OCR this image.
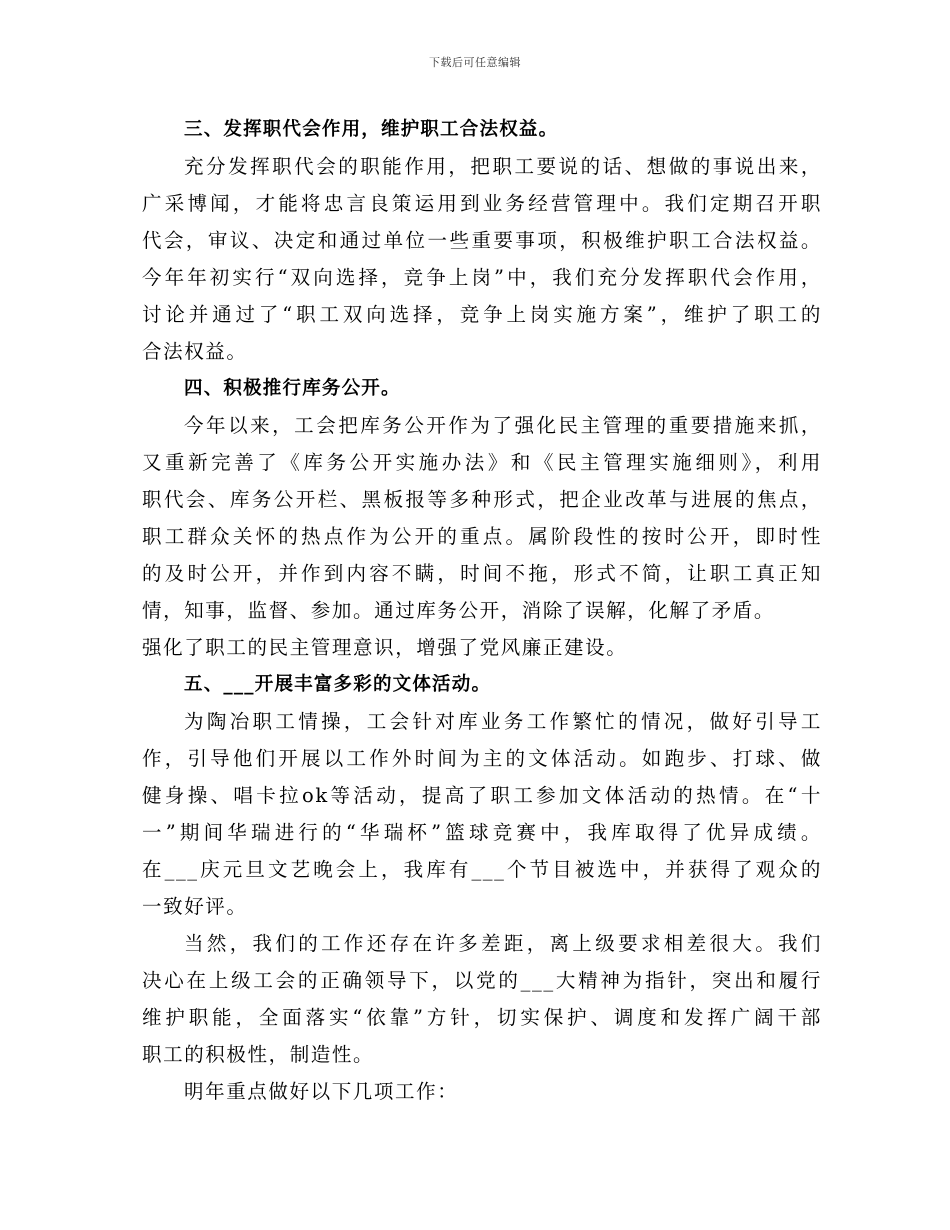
下载后可任意编辑
三、发挥职代会作用，维护职工合法权益。
充分发挥职代会的职能作用，把职工要说的话、想做的事说出来，
广采博闻，才能将忠言良策运用到业务经营管理中。我们定期召开职
代会，审议、决定和通过单位一些重要事项，积极维护职工合法权益。
今年年初实行“双向选择，竞争上岗”中，我们充分发挥职代会作用，
讨论并通过了“职工双向选择，竞争上岗实施方案”，维护了职工的
合法权益。
四、积极推行库务公开。
今年以来，工会把库务公开作为了强化民主管理的重要措施来抓，
又重新完善了《库务公开实施办法》和《民主管理实施细则》，利用
职代会、库务公开栏、黑板报等多种形式，把企业改革与进展的焦点，
职工群众关怀的热点作为公开的重点。属阶段性的按时公开，即时性
的及时公开，并作到内容不瞒，时间不拖，形式不简，让职工真正知
情，知事，监督、参加。通过库务公开，消除了误解，化解了矛盾。
强化了职工的民主管理意识，增强了党风廉正建设。
五、___开展丰富多彩的文体活动。
为陶冶职工情操，工会针对库业务工作繁忙的情况，做好引导工
作，引导他们开展以工作外时间为主的文体活动。如跑步、打球、做
健身操、唱卡拉ok等活动，提高了职工参加文体活动的热情。在“十
一”期间华瑞进行的“华瑞杯”篮球竞赛中，我库取得了优异成绩。
在___庆元旦文艺晚会上，我库有___个节目被选中，并获得了观众的
一致好评。
当然，我们的工作还存在许多差距，离上级要求相差很大。我们
决心在上级工会的正确领导下，以党的___大精神为指针，突出和履行
维护职能，全面落实“依靠”方针，切实保护、调度和发挥广阔干部
职工的积极性，制造性。
明年重点做好以下几项工作：
